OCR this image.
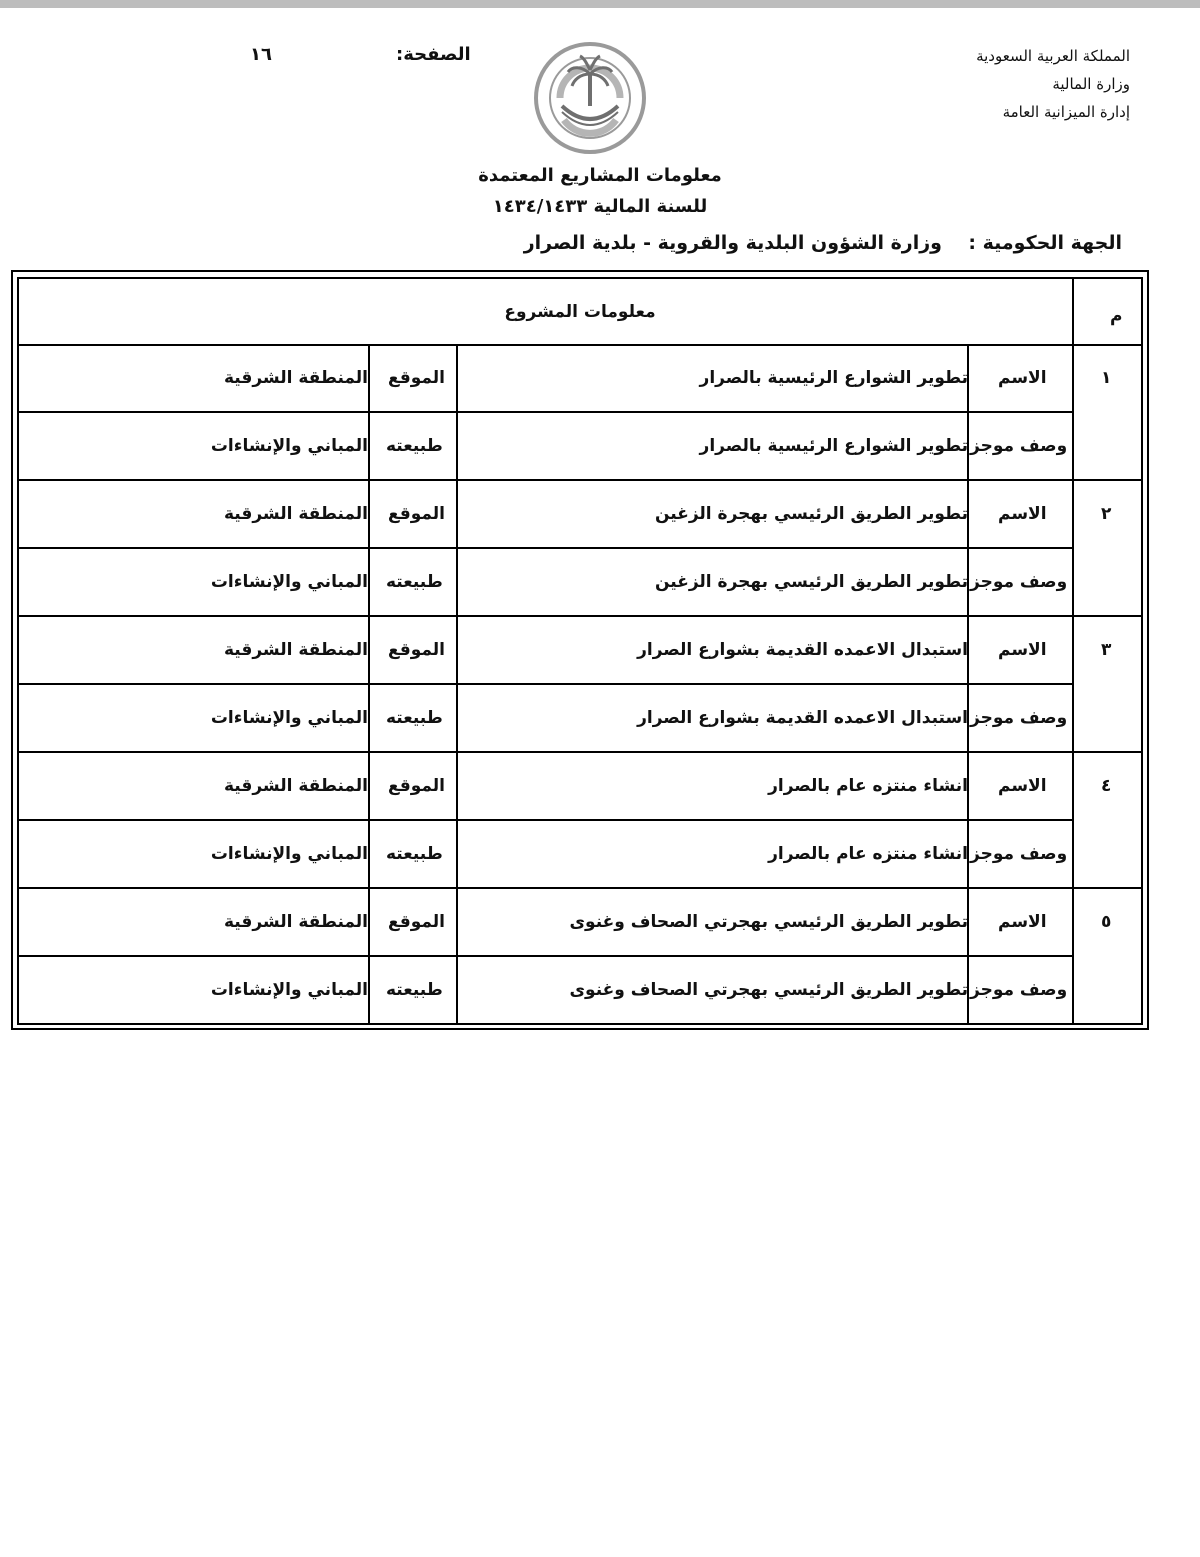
المملكة العربية السعودية
وزارة المالية
إدارة الميزانية العامة
الصفحة:
١٦
معلومات المشاريع المعتمدة
للسنة المالية ١٤٣٤/١٤٣٣
الجهة الحكومية :
وزارة الشؤون البلدية والقروية - بلدية الصرار
م
معلومات المشروع
١
الاسم
تطوير الشوارع الرئيسية بالصرار
الموقع
المنطقة الشرقية
وصف موجز
تطوير الشوارع الرئيسية بالصرار
طبيعته
المباني والإنشاءات
٢
الاسم
تطوير الطريق الرئيسي بهجرة الزغين
الموقع
المنطقة الشرقية
وصف موجز
تطوير الطريق الرئيسي بهجرة الزغين
طبيعته
المباني والإنشاءات
٣
الاسم
استبدال الاعمده القديمة بشوارع الصرار
الموقع
المنطقة الشرقية
وصف موجز
استبدال الاعمده القديمة بشوارع الصرار
طبيعته
المباني والإنشاءات
٤
الاسم
انشاء منتزه عام بالصرار
الموقع
المنطقة الشرقية
وصف موجز
انشاء منتزه عام بالصرار
طبيعته
المباني والإنشاءات
٥
الاسم
تطوير الطريق الرئيسي بهجرتي الصحاف وغنوى
الموقع
المنطقة الشرقية
وصف موجز
تطوير الطريق الرئيسي بهجرتي الصحاف وغنوى
طبيعته
المباني والإنشاءات
